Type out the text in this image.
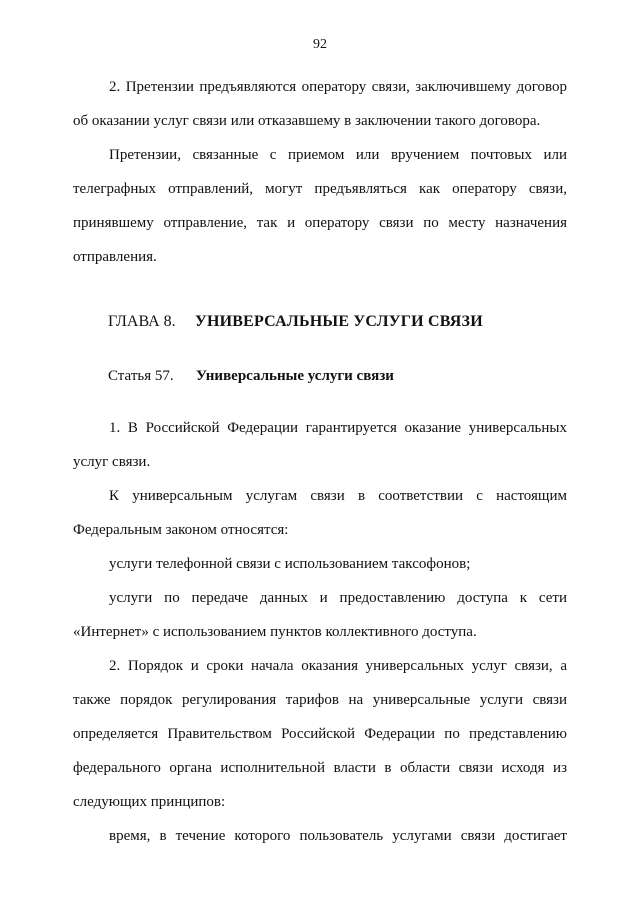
92

2. Претензии предъявляются оператору связи, заключившему договор об оказании услуг связи или отказавшему в заключении такого договора.

Претензии, связанные с приемом или вручением почтовых или телеграфных отправлений, могут предъявляться как оператору связи, принявшему отправление, так и оператору связи по месту назначения отправления.

ГЛАВА 8. УНИВЕРСАЛЬНЫЕ УСЛУГИ СВЯЗИ
Статья 57. Универсальные услуги связи

1. В Российской Федерации гарантируется оказание универсальных услуг связи.

К универсальным услугам связи в соответствии с настоящим Федеральным законом относятся:

услуги телефонной связи с использованием таксофонов;

услуги по передаче данных и предоставлению доступа к сети «Интернет» с использованием пунктов коллективного доступа.

2. Порядок и сроки начала оказания универсальных услуг связи, а также порядок регулирования тарифов на универсальные услуги связи определяется Правительством Российской Федерации по представлению федерального органа исполнительной власти в области связи исходя из следующих принципов:

время, в течение которого пользователь услугами связи достигает
